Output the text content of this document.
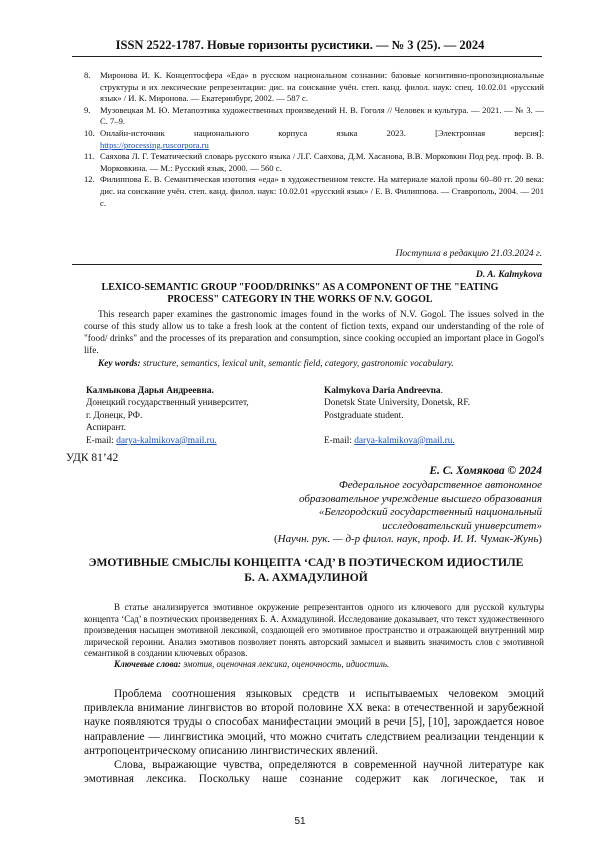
ISSN 2522-1787. Новые горизонты русистики. — № 3 (25). — 2024
8.	Миронова И. К. Концептосфера «Еда» в русском национальном сознании: базовые когнитивно-пропозициональные структуры и их лексические репрезентации: дис. на соискание учён. степ. канд. филол. наук: спец. 10.02.01 «русский язык» / И. К. Миронова. — Екатеринбург, 2002. — 587 с.
9.	Музовецкая М. Ю. Метапоэтика художественных произведений Н. В. Гоголя // Человек и культура. — 2021. — № 3. — С. 7–9.
10. Онлайн-источник национального корпуса языка 2023. [Электронная версия]:
https://processing.ruscorpora.ru
11. Саяхова Л. Г. Тематический словарь русского языка / Л.Г. Саяхова, Д.М. Хасанова, В.В. Морковкин Под ред. проф. В. В. Морковкина. — М.: Русский язык, 2000. — 560 с.
12. Филиппова Е. В. Семантическая изотопия «еда» в художественном тексте. На материале малой прозы 60–80 гг. 20 века: дис. на соискание учён. степ. канд. филол. наук: 10.02.01 «русский язык» / Е. В. Филиппова. — Ставрополь, 2004. — 201 с.
Поступила в редакцию 21.03.2024 г.
D. A. Kalmykova
LEXICO-SEMANTIC GROUP "FOOD/DRINKS" AS A COMPONENT OF THE "EATING PROCESS" CATEGORY IN THE WORKS OF N.V. GOGOL
This research paper examines the gastronomic images found in the works of N.V. Gogol. The issues solved in the course of this study allow us to take a fresh look at the content of fiction texts, expand our understanding of the role of "food/ drinks" and the processes of its preparation and consumption, since cooking occupied an important place in Gogol's life.
Key words: structure, semantics, lexical unit, semantic field, category, gastronomic vocabulary.
Калмыкова Дарья Андреевна.
Донецкий государственный университет,
г. Донецк, РФ.
Аспирант.
E-mail: darya-kalmikova@mail.ru.
Kalmykova Daria Andreevna.
Donetsk State University, Donetsk, RF.
Postgraduate student.
E-mail: darya-kalmikova@mail.ru.
УДК 81’42
Е. С. Хомякова © 2024
Федеральное государственное автономное
образовательное учреждение высшего образования
«Белгородский государственный национальный
исследовательский университет»
(Научн. рук. — д-р филол. наук, проф. И. И. Чумак-Жунь)
ЭМОТИВНЫЕ СМЫСЛЫ КОНЦЕПТА ‘САД’ В ПОЭТИЧЕСКОМ ИДИОСТИЛЕ
Б. А. АХМАДУЛИНОЙ
В статье анализируется эмотивное окружение репрезентантов одного из ключевого для русской культуры концепта ‘Сад’ в поэтических произведениях Б. А. Ахмадулиной. Исследование доказывает, что текст художественного произведения насыщен эмотивной лексикой, создающей его эмотивное пространство и отражающей внутренний мир лирической героини. Анализ эмотивов позволяет понять авторский замысел и выявить значимость слов с эмотивной семантикой в создании ключевых образов.
Ключевые слова: эмотив, оценочная лексика, оценочность, идиостиль.

Проблема соотношения языковых средств и испытываемых человеком эмоций привлекла внимание лингвистов во второй половине XX века: в отечественной и зарубежной науке появляются труды о способах манифестации эмоций в речи [5], [10], зарождается новое направление — лингвистика эмоций, что можно считать следствием реализации тенденции к антропоцентрическому описанию лингвистических явлений.

Слова, выражающие чувства, определяются в современной научной литературе как эмотивная лексика. Поскольку наше сознание содержит как логическое, так и

51
